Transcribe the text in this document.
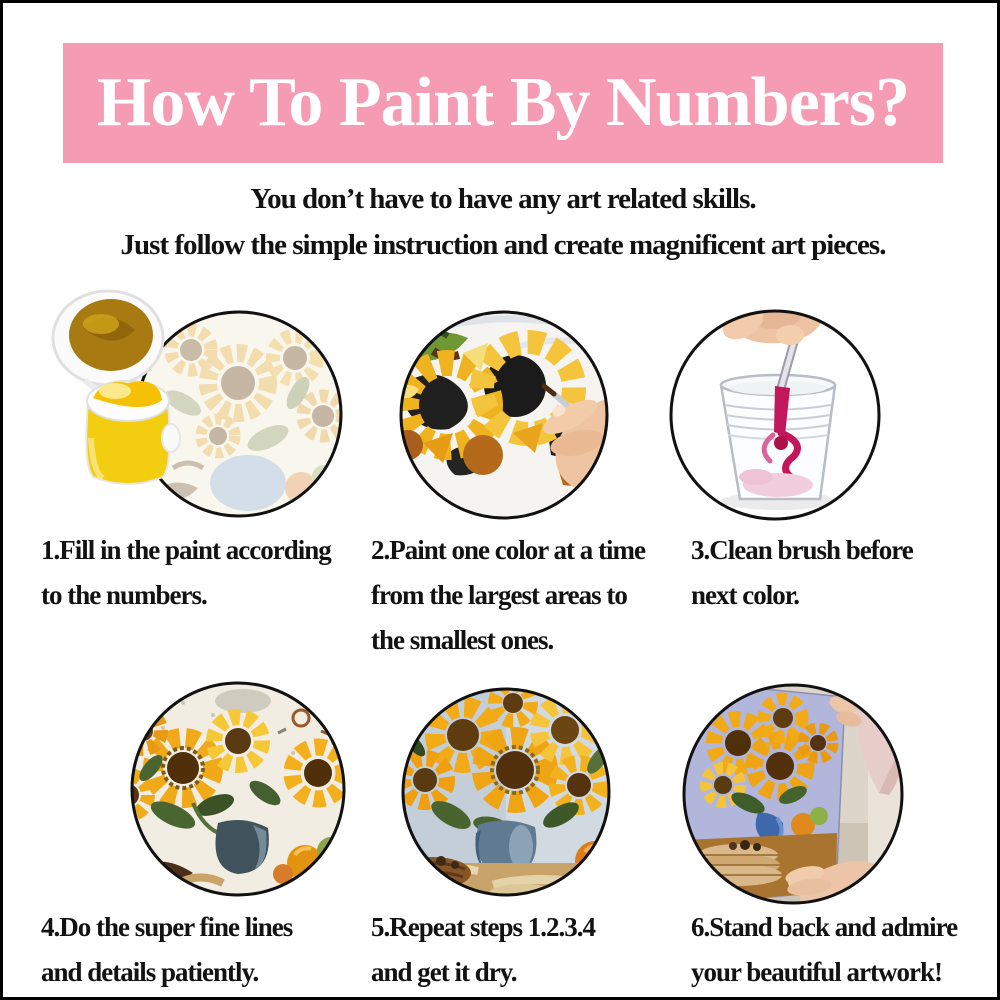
How To Paint By Numbers?
You don’t have to have any art related skills.
Just follow the simple instruction and create magnificent art pieces.
1.Fill in the paint according
to the numbers.
2.Paint one color at a time
from the largest areas to
the smallest ones.
3.Clean brush before
next color.
4.Do the super fine lines
and details patiently.
5.Repeat steps 1.2.3.4
and get it dry.
6.Stand back and admire
your beautiful artwork!
